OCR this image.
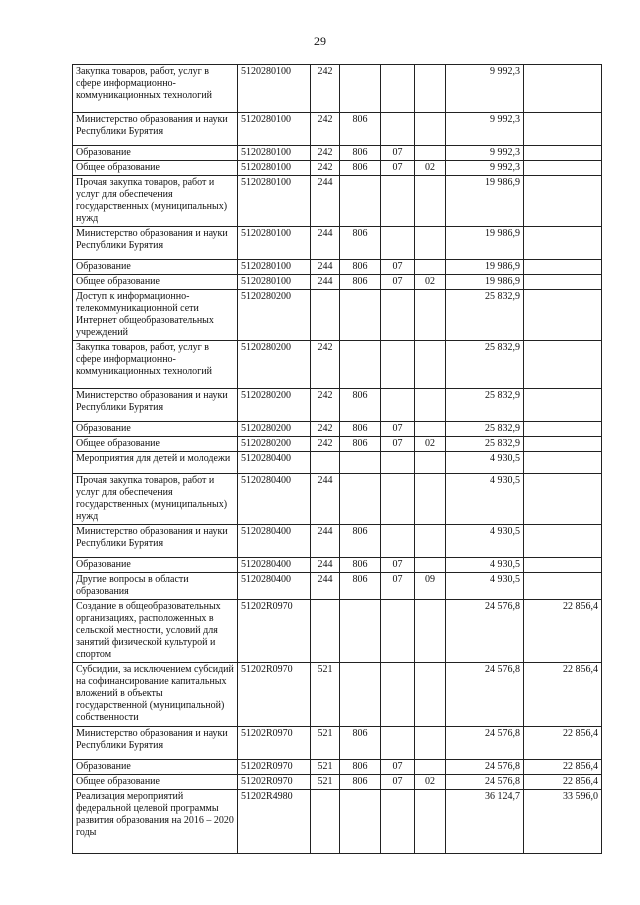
29
Закупка товаров, работ, услуг в сфере информационно-коммуникационных технологий	5120280100	242				9 992,3	
Министерство образования и науки Республики Бурятия	5120280100	242	806			9 992,3	
Образование	5120280100	242	806	07		9 992,3	
Общее образование	5120280100	242	806	07	02	9 992,3	
Прочая закупка товаров, работ и услуг для обеспечения государственных (муниципальных) нужд	5120280100	244				19 986,9	
Министерство образования и науки Республики Бурятия	5120280100	244	806			19 986,9	
Образование	5120280100	244	806	07		19 986,9	
Общее образование	5120280100	244	806	07	02	19 986,9	
Доступ к информационно-телекоммуникационной сети Интернет общеобразовательных учреждений	5120280200					25 832,9	
Закупка товаров, работ, услуг в сфере информационно-коммуникационных технологий	5120280200	242				25 832,9	
Министерство образования и науки Республики Бурятия	5120280200	242	806			25 832,9	
Образование	5120280200	242	806	07		25 832,9	
Общее образование	5120280200	242	806	07	02	25 832,9	
Мероприятия для детей и молодежи	5120280400					4 930,5	
Прочая закупка товаров, работ и услуг для обеспечения государственных (муниципальных) нужд	5120280400	244				4 930,5	
Министерство образования и науки Республики Бурятия	5120280400	244	806			4 930,5	
Образование	5120280400	244	806	07		4 930,5	
Другие вопросы в области образования	5120280400	244	806	07	09	4 930,5	
Создание в общеобразовательных организациях, расположенных в сельской местности, условий для занятий физической культурой и спортом	51202R0970					24 576,8	22 856,4
Субсидии, за исключением субсидий на софинансирование капитальных вложений в объекты государственной (муниципальной) собственности	51202R0970	521				24 576,8	22 856,4
Министерство образования и науки Республики Бурятия	51202R0970	521	806			24 576,8	22 856,4
Образование	51202R0970	521	806	07		24 576,8	22 856,4
Общее образование	51202R0970	521	806	07	02	24 576,8	22 856,4
Реализация мероприятий федеральной целевой программы развития образования на 2016 – 2020 годы	51202R4980					36 124,7	33 596,0
